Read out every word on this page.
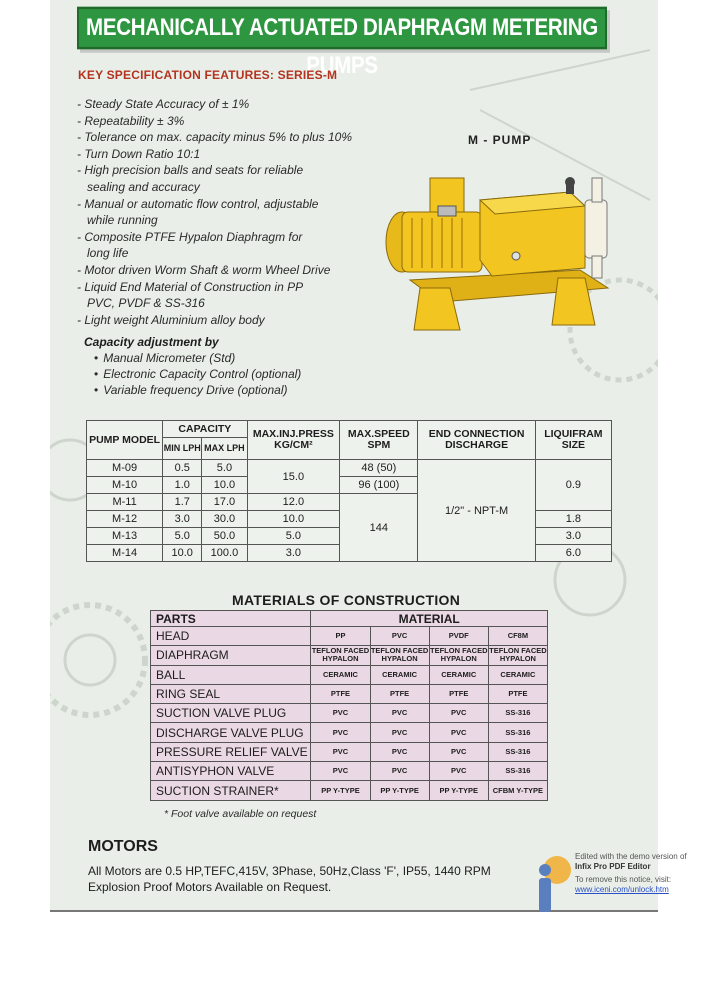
MECHANICALLY ACTUATED DIAPHRAGM METERING PUMPS
KEY SPECIFICATION FEATURES: SERIES-M
- Steady State Accuracy of ± 1%
- Repeatability ± 3%
- Tolerance on max. capacity minus 5% to plus 10%
- Turn Down Ratio 10:1
- High precision balls and seats for reliable
sealing and accuracy
- Manual or automatic flow control, adjustable
while running
- Composite PTFE Hypalon Diaphragm for
long life
- Motor driven Worm Shaft & worm Wheel Drive
- Liquid End Material of Construction in PP
PVC, PVDF & SS-316
- Light weight Aluminium alloy body
Capacity adjustment by
• Manual Micrometer (Std)
• Electronic Capacity Control (optional)
• Variable frequency Drive (optional)
M - PUMP
PUMP MODEL	CAPACITY		MAX.INJ.PRESS KG/CM²	MAX.SPEED SPM	END CONNECTION DISCHARGE	LIQUIFRAM SIZE
	MIN LPH	MAX LPH				
M-09	0.5	5.0	15.0	48 (50)	1/2" - NPT-M	0.9
M-10	1.0	10.0		96 (100)		
M-11	1.7	17.0	12.0	144		
M-12	3.0	30.0	10.0			1.8
M-13	5.0	50.0	5.0			3.0
M-14	10.0	100.0	3.0			6.0
MATERIALS OF CONSTRUCTION
PARTS	MATERIAL			
HEAD	PP	PVC	PVDF	CF8M
DIAPHRAGM	TEFLON FACED HYPALON	TEFLON FACED HYPALON	TEFLON FACED HYPALON	TEFLON FACED HYPALON
BALL	CERAMIC	CERAMIC	CERAMIC	CERAMIC
RING SEAL	PTFE	PTFE	PTFE	PTFE
SUCTION VALVE PLUG	PVC	PVC	PVC	SS-316
DISCHARGE VALVE PLUG	PVC	PVC	PVC	SS-316
PRESSURE RELIEF VALVE	PVC	PVC	PVC	SS-316
ANTISYPHON VALVE	PVC	PVC	PVC	SS-316
SUCTION STRAINER*	PP Y-TYPE	PP Y-TYPE	PP Y-TYPE	CFBM Y-TYPE
* Foot valve available on request
MOTORS
All Motors are 0.5 HP,TEFC,415V, 3Phase, 50Hz,Class 'F', IP55, 1440 RPM
Explosion Proof Motors Available on Request.
Edited with the demo version of
Infix Pro PDF Editor
To remove this notice, visit:
www.iceni.com/unlock.htm
